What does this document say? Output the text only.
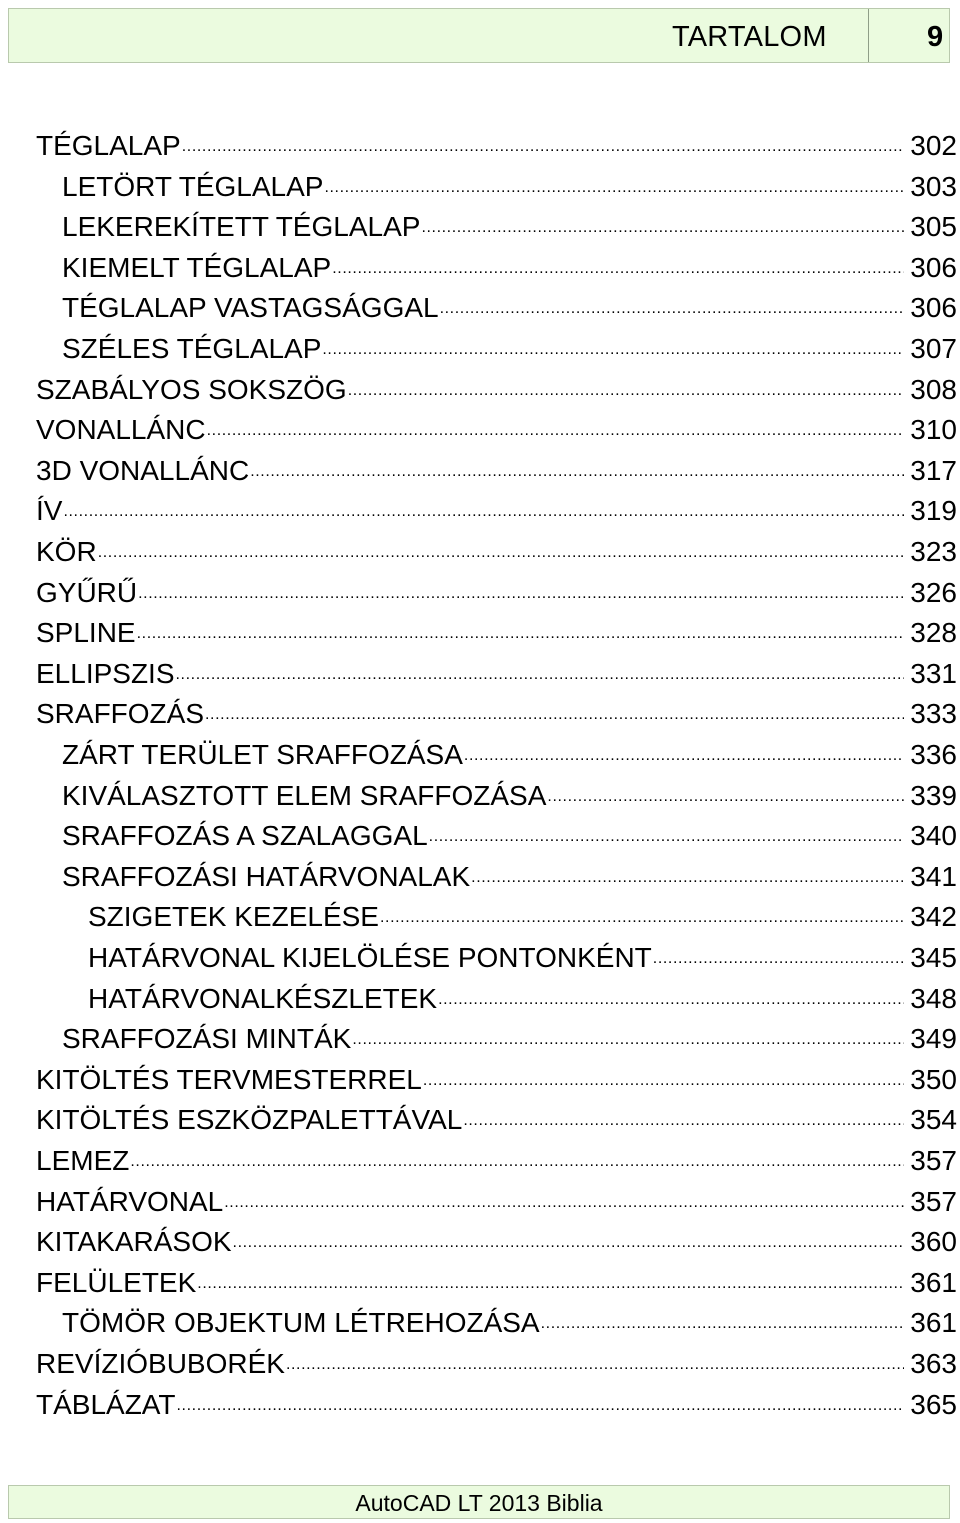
TARTALOM	9
TÉGLALAP .....	302
LETÖRT TÉGLALAP .....	303
LEKEREKÍTETT TÉGLALAP .....	305
KIEMELT TÉGLALAP .....	306
TÉGLALAP VASTAGSÁGGAL .....	306
SZÉLES TÉGLALAP .....	307
SZABÁLYOS SOKSZÖG .....	308
VONALLÁNC .....	310
3D VONALLÁNC .....	317
ÍV .....	319
KÖR .....	323
GYŰRŰ .....	326
SPLINE .....	328
ELLIPSZIS .....	331
SRAFFOZÁS .....	333
ZÁRT TERÜLET SRAFFOZÁSA .....	336
KIVÁLASZTOTT ELEM SRAFFOZÁSA .....	339
SRAFFOZÁS A SZALAGGAL .....	340
SRAFFOZÁSI HATÁRVONALAK .....	341
SZIGETEK KEZELÉSE .....	342
HATÁRVONAL KIJELÖLÉSE PONTONKÉNT .....	345
HATÁRVONALKÉSZLETEK .....	348
SRAFFOZÁSI MINTÁK .....	349
KITÖLTÉS TERVMESTERREL .....	350
KITÖLTÉS ESZKÖZPALETTÁVAL .....	354
LEMEZ .....	357
HATÁRVONAL .....	357
KITAKARÁSOK .....	360
FELÜLETEK .....	361
TÖMÖR OBJEKTUM LÉTREHOZÁSA .....	361
REVÍZIÓBUBORÉK .....	363
TÁBLÁZAT .....	365
AutoCAD LT 2013 Biblia
